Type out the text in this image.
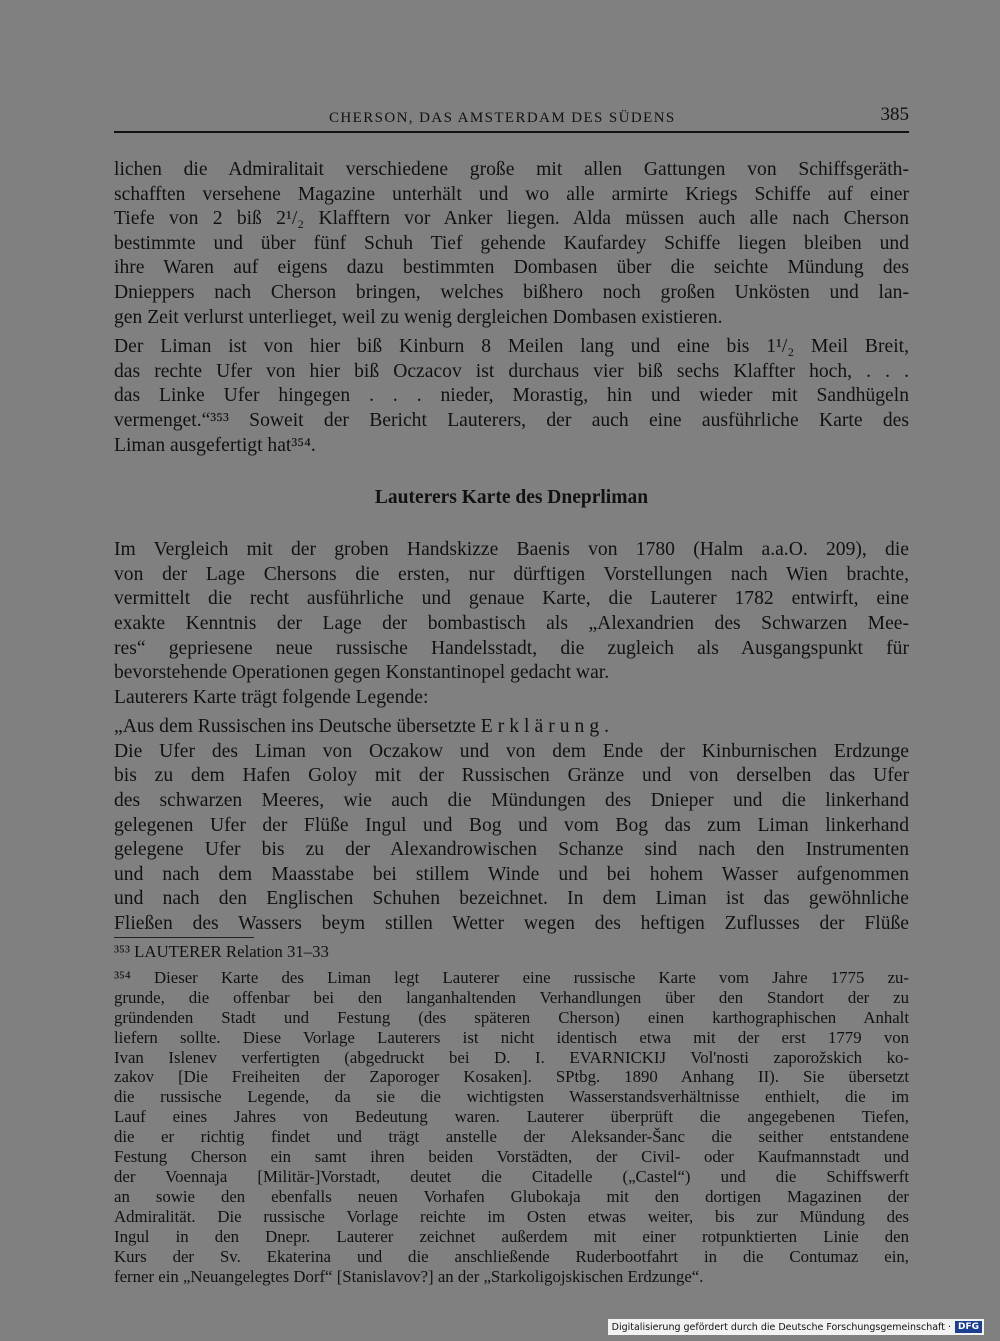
CHERSON, DAS AMSTERDAM DES SÜDENS	385
lichen die Admiralitait verschiedene große mit allen Gattungen von Schiffsgeräth-
schafften versehene Magazine unterhält und wo alle armirte Kriegs Schiffe auf einer
Tiefe von 2 biß 2¹/₂ Klafftern vor Anker liegen. Alda müssen auch alle nach Cherson
bestimmte und über fünf Schuh Tief gehende Kaufardey Schiffe liegen bleiben und
ihre Waren auf eigens dazu bestimmten Dombasen über die seichte Mündung des
Dnieppers nach Cherson bringen, welches bißhero noch großen Unkösten und lan-
gen Zeit verlurst unterlieget, weil zu wenig dergleichen Dombasen existieren.
Der Liman ist von hier biß Kinburn 8 Meilen lang und eine bis 1¹/₂ Meil Breit,
das rechte Ufer von hier biß Oczacov ist durchaus vier biß sechs Klaffter hoch, . . .
das Linke Ufer hingegen . . . nieder, Morastig, hin und wieder mit Sandhügeln
vermenget.“³⁵³ Soweit der Bericht Lauterers, der auch eine ausführliche Karte des
Liman ausgefertigt hat³⁵⁴.
Lauterers Karte des Dneprliman
Im Vergleich mit der groben Handskizze Baenis von 1780 (Halm a.a.O. 209), die
von der Lage Chersons die ersten, nur dürftigen Vorstellungen nach Wien brachte,
vermittelt die recht ausführliche und genaue Karte, die Lauterer 1782 entwirft, eine
exakte Kenntnis der Lage der bombastisch als „Alexandrien des Schwarzen Mee-
res“ gepriesene neue russische Handelsstadt, die zugleich als Ausgangspunkt für
bevorstehende Operationen gegen Konstantinopel gedacht war.
Lauterers Karte trägt folgende Legende:
„Aus dem Russischen ins Deutsche übersetzte Erklärung.
Die Ufer des Liman von Oczakow und von dem Ende der Kinburnischen Erdzunge
bis zu dem Hafen Goloy mit der Russischen Gränze und von derselben das Ufer
des schwarzen Meeres, wie auch die Mündungen des Dnieper und die linkerhand
gelegenen Ufer der Flüße Ingul und Bog und vom Bog das zum Liman linkerhand
gelegene Ufer bis zu der Alexandrowischen Schanze sind nach den Instrumenten
und nach dem Maasstabe bei stillem Winde und bei hohem Wasser aufgenommen
und nach den Englischen Schuhen bezeichnet. In dem Liman ist das gewöhnliche
Fließen des Wassers beym stillen Wetter wegen des heftigen Zuflusses der Flüße
³⁵³ LAUTERER Relation 31–33
³⁵⁴ Dieser Karte des Liman legt Lauterer eine russische Karte vom Jahre 1775 zu-
grunde, die offenbar bei den langanhaltenden Verhandlungen über den Standort der zu
gründenden Stadt und Festung (des späteren Cherson) einen karthographischen Anhalt
liefern sollte. Diese Vorlage Lauterers ist nicht identisch etwa mit der erst 1779 von
Ivan Islenev verfertigten (abgedruckt bei D. I. EVARNICKIJ Vol'nosti zaporožskich ko-
zakov [Die Freiheiten der Zaporoger Kosaken]. SPtbg. 1890 Anhang II). Sie übersetzt
die russische Legende, da sie die wichtigsten Wasserstandsverhältnisse enthielt, die im
Lauf eines Jahres von Bedeutung waren. Lauterer überprüft die angegebenen Tiefen,
die er richtig findet und trägt anstelle der Aleksander-Šanc die seither entstandene
Festung Cherson ein samt ihren beiden Vorstädten, der Civil- oder Kaufmannstadt und
der Voennaja [Militär-]Vorstadt, deutet die Citadelle („Castel“) und die Schiffswerft
an sowie den ebenfalls neuen Vorhafen Glubokaja mit den dortigen Magazinen der
Admiralität. Die russische Vorlage reichte im Osten etwas weiter, bis zur Mündung des
Ingul in den Dnepr. Lauterer zeichnet außerdem mit einer rotpunktierten Linie den
Kurs der Sv. Ekaterina und die anschließende Ruderbootfahrt in die Contumaz ein,
ferner ein „Neuangelegtes Dorf“ [Stanislavov?] an der „Starkoligojskischen Erdzunge“.
Digitalisierung gefördert durch die Deutsche Forschungsgemeinschaft · DFG
